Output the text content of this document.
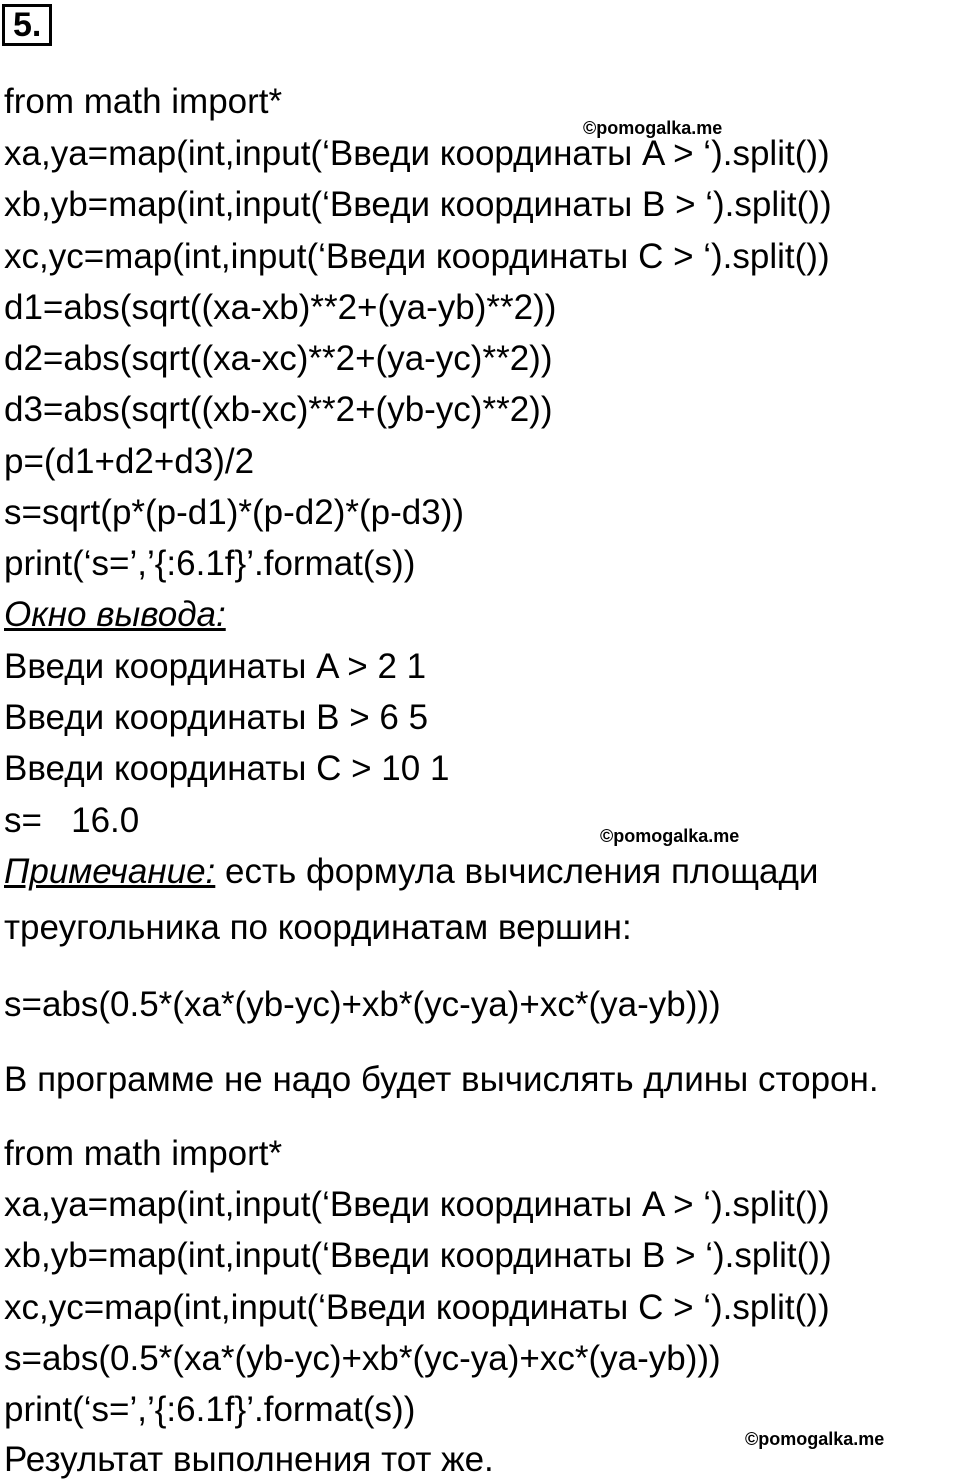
5.
from math import*
©pomogalka.me
xa,ya=map(int,input(‘Введи координаты A > ‘).split())
xb,yb=map(int,input(‘Введи координаты B > ‘).split())
xc,yc=map(int,input(‘Введи координаты C > ‘).split())
d1=abs(sqrt((xa-xb)**2+(ya-yb)**2))
d2=abs(sqrt((xa-xc)**2+(ya-yc)**2))
d3=abs(sqrt((xb-xc)**2+(yb-yc)**2))
p=(d1+d2+d3)/2
s=sqrt(p*(p-d1)*(p-d2)*(p-d3))
print(‘s=’,’{:6.1f}’.format(s))
Окно вывода:
Введи координаты A > 2 1
Введи координаты B > 6 5
Введи координаты C > 10 1
s=   16.0	©pomogalka.me
Примечание: есть формула вычисления площади
треугольника по координатам вершин:
s=abs(0.5*(xa*(yb-yc)+xb*(yc-ya)+xc*(ya-yb)))
В программе не надо будет вычислять длины сторон.
from math import*
xa,ya=map(int,input(‘Введи координаты A > ‘).split())
xb,yb=map(int,input(‘Введи координаты B > ‘).split())
xc,yc=map(int,input(‘Введи координаты C > ‘).split())
s=abs(0.5*(xa*(yb-yc)+xb*(yc-ya)+xc*(ya-yb)))
print(‘s=’,’{:6.1f}’.format(s))
©pomogalka.me
Результат выполнения тот же.
